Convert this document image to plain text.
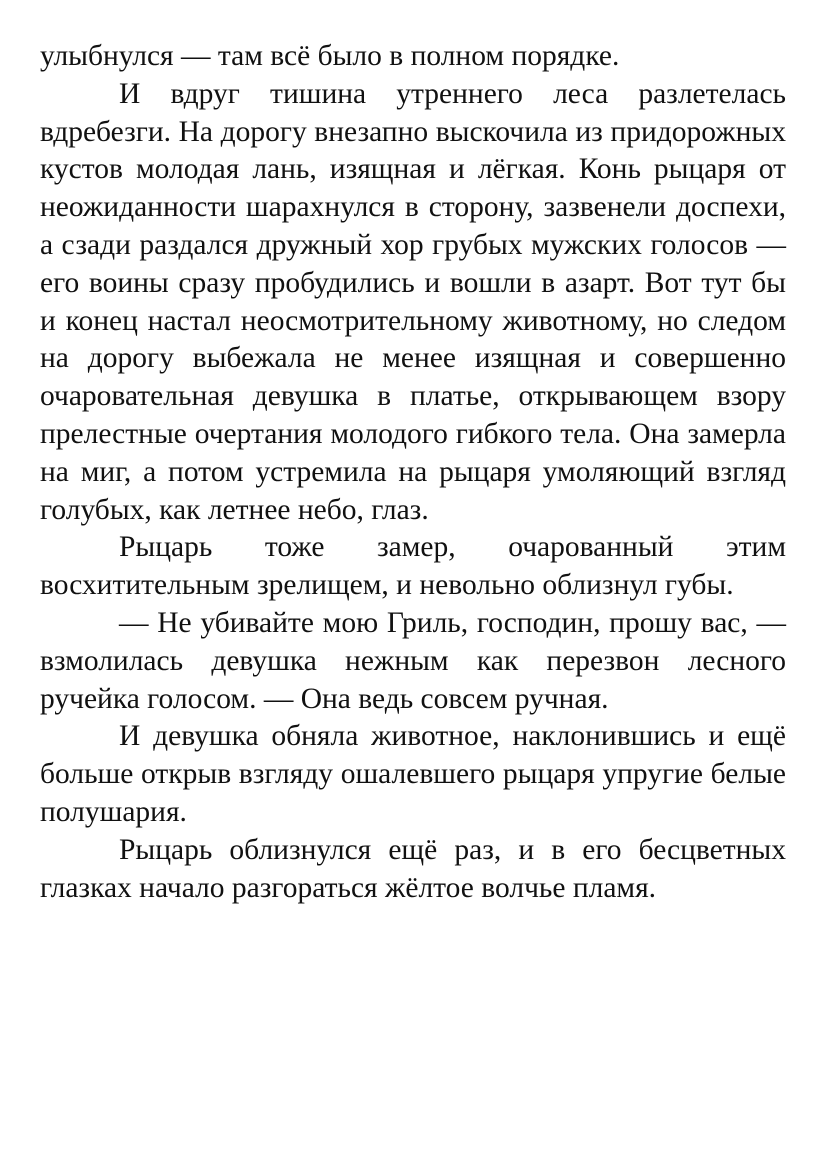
улыбнулся — там всё было в полном порядке.

И вдруг тишина утреннего леса разлетелась вдребезги. На дорогу внезапно выскочила из придорожных кустов молодая лань, изящная и лёгкая. Конь рыцаря от неожиданности шарахнулся в сторону, зазвенели доспехи, а сзади раздался дружный хор грубых мужских голосов — его воины сразу пробудились и вошли в азарт. Вот тут бы и конец настал неосмотрительному животному, но следом на дорогу выбежала не менее изящная и совершенно очаровательная девушка в платье, открывающем взору прелестные очертания молодого гибкого тела. Она замерла на миг, а потом устремила на рыцаря умоляющий взгляд голубых, как летнее небо, глаз.

Рыцарь тоже замер, очарованный этим восхитительным зрелищем, и невольно облизнул губы.

— Не убивайте мою Гриль, господин, прошу вас, — взмолилась девушка нежным как перезвон лесного ручейка голосом. — Она ведь совсем ручная.

И девушка обняла животное, наклонившись и ещё больше открыв взгляду ошалевшего рыцаря упругие белые полушария.

Рыцарь облизнулся ещё раз, и в его бесцветных глазках начало разгораться жёлтое волчье пламя.
